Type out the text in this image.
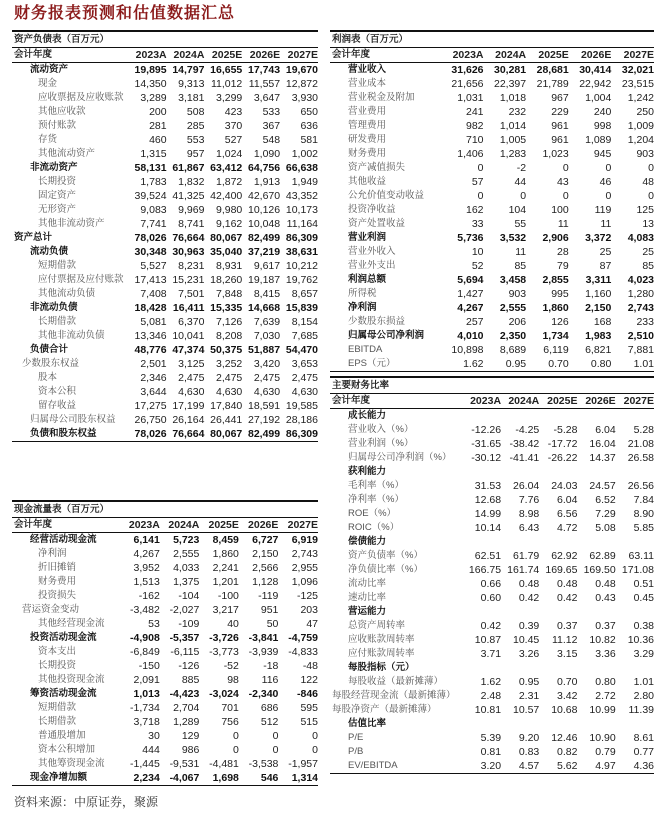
财务报表预测和估值数据汇总
资产负债表（百万元）
会计年度	2023A	2024A	2025E	2026E	2027E
流动资产	19,895	14,797	16,655	17,743	19,670
现金	14,350	9,313	11,012	11,557	12,872
应收票据及应收账款	3,289	3,181	3,299	3,647	3,930
其他应收款	200	508	423	533	650
预付账款	281	285	370	367	636
存货	460	553	527	548	581
其他流动资产	1,315	957	1,024	1,090	1,002
非流动资产	58,131	61,867	63,412	64,756	66,638
长期投资	1,783	1,832	1,872	1,913	1,949
固定资产	39,524	41,325	42,400	42,670	43,352
无形资产	9,083	9,969	9,980	10,126	10,173
其他非流动资产	7,741	8,741	9,162	10,048	11,164
资产总计	78,026	76,664	80,067	82,499	86,309
流动负债	30,348	30,963	35,040	37,219	38,631
短期借款	5,527	8,231	8,931	9,617	10,212
应付票据及应付账款	17,413	15,231	18,260	19,187	19,762
其他流动负债	7,408	7,501	7,848	8,415	8,657
非流动负债	18,428	16,411	15,335	14,668	15,839
长期借款	5,081	6,370	7,126	7,639	8,154
其他非流动负债	13,346	10,041	8,208	7,030	7,685
负债合计	48,776	47,374	50,375	51,887	54,470
少数股东权益	2,501	3,125	3,252	3,420	3,653
股本	2,346	2,475	2,475	2,475	2,475
资本公积	3,644	4,630	4,630	4,630	4,630
留存收益	17,275	17,199	17,840	18,591	19,585
归属母公司股东权益	26,750	26,164	26,441	27,192	28,186
负债和股东权益	78,026	76,664	80,067	82,499	86,309

现金流量表（百万元）
会计年度	2023A	2024A	2025E	2026E	2027E
经营活动现金流	6,141	5,723	8,459	6,727	6,919
净利润	4,267	2,555	1,860	2,150	2,743
折旧摊销	3,952	4,033	2,241	2,566	2,955
财务费用	1,513	1,375	1,201	1,128	1,096
投资损失	-162	-104	-100	-119	-125
营运资金变动	-3,482	-2,027	3,217	951	203
其他经营现金流	53	-109	40	50	47
投资活动现金流	-4,908	-5,357	-3,726	-3,841	-4,759
资本支出	-6,849	-6,115	-3,773	-3,939	-4,833
长期投资	-150	-126	-52	-18	-48
其他投资现金流	2,091	885	98	116	122
筹资活动现金流	1,013	-4,423	-3,024	-2,340	-846
短期借款	-1,734	2,704	701	686	595
长期借款	3,718	1,289	756	512	515
普通股增加	30	129	0	0	0
资本公积增加	444	986	0	0	0
其他筹资现金流	-1,445	-9,531	-4,481	-3,538	-1,957
现金净增加额	2,234	-4,067	1,698	546	1,314

利润表（百万元）
会计年度	2023A	2024A	2025E	2026E	2027E
营业收入	31,626	30,281	28,681	30,414	32,021
营业成本	21,656	22,397	21,789	22,942	23,515
营业税金及附加	1,031	1,018	967	1,004	1,242
营业费用	241	232	229	240	250
管理费用	982	1,014	961	998	1,009
研发费用	710	1,005	961	1,089	1,204
财务费用	1,406	1,283	1,023	945	903
资产减值损失	0	-2	0	0	0
其他收益	57	44	43	46	48
公允价值变动收益	0	0	0	0	0
投资净收益	162	104	100	119	125
资产处置收益	33	55	11	11	13
营业利润	5,736	3,532	2,906	3,372	4,083
营业外收入	10	11	28	25	25
营业外支出	52	85	79	87	85
利润总额	5,694	3,458	2,855	3,311	4,023
所得税	1,427	903	995	1,160	1,280
净利润	4,267	2,555	1,860	2,150	2,743
少数股东损益	257	206	126	168	233
归属母公司净利润	4,010	2,350	1,734	1,983	2,510
EBITDA	10,898	8,689	6,119	6,821	7,881
EPS（元）	1.62	0.95	0.70	0.80	1.01

主要财务比率
会计年度	2023A	2024A	2025E	2026E	2027E
成长能力					
营业收入（%）	-12.26	-4.25	-5.28	6.04	5.28
营业利润（%）	-31.65	-38.42	-17.72	16.04	21.08
归属母公司净利润（%）	-30.12	-41.41	-26.22	14.37	26.58
获利能力					
毛利率（%）	31.53	26.04	24.03	24.57	26.56
净利率（%）	12.68	7.76	6.04	6.52	7.84
ROE（%）	14.99	8.98	6.56	7.29	8.90
ROIC（%）	10.14	6.43	4.72	5.08	5.85
偿债能力					
资产负债率（%）	62.51	61.79	62.92	62.89	63.11
净负债比率（%）	166.75	161.74	169.65	169.50	171.08
流动比率	0.66	0.48	0.48	0.48	0.51
速动比率	0.60	0.42	0.42	0.43	0.45
营运能力					
总资产周转率	0.42	0.39	0.37	0.37	0.38
应收账款周转率	10.87	10.45	11.12	10.82	10.36
应付账款周转率	3.71	3.26	3.15	3.36	3.29
每股指标（元）					
每股收益（最新摊薄）	1.62	0.95	0.70	0.80	1.01
每股经营现金流（最新摊薄）	2.48	2.31	3.42	2.72	2.80
每股净资产（最新摊薄）	10.81	10.57	10.68	10.99	11.39
估值比率					
P/E	5.39	9.20	12.46	10.90	8.61
P/B	0.81	0.83	0.82	0.79	0.77
EV/EBITDA	3.20	4.57	5.62	4.97	4.36

资料来源：中原证券，聚源
